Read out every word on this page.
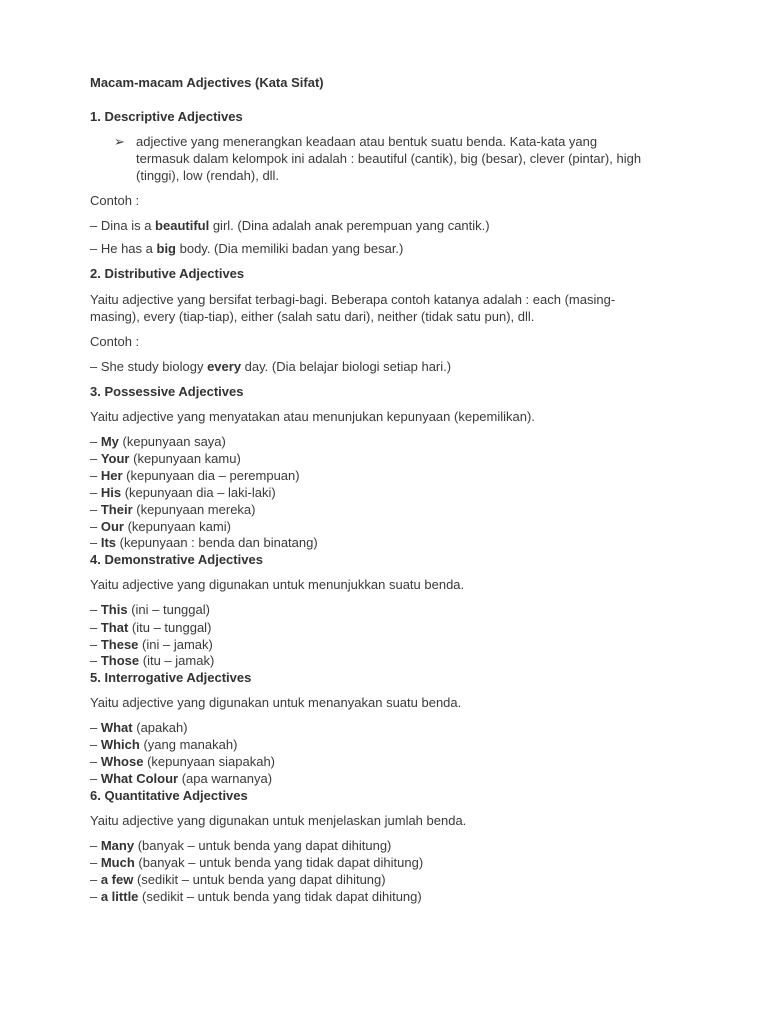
Macam-macam Adjectives (Kata Sifat)

1. Descriptive Adjectives

➢ adjective yang menerangkan keadaan atau bentuk suatu benda. Kata-kata yang

termasuk dalam kelompok ini adalah : beautiful (cantik), big (besar), clever (pintar), high

(tinggi), low (rendah), dll.

Contoh :

– Dina is a beautiful girl. (Dina adalah anak perempuan yang cantik.)

– He has a big body. (Dia memiliki badan yang besar.)

2. Distributive Adjectives

Yaitu adjective yang bersifat terbagi-bagi. Beberapa contoh katanya adalah : each (masing-

masing), every (tiap-tiap), either (salah satu dari), neither (tidak satu pun), dll.

Contoh :

– She study biology every day. (Dia belajar biologi setiap hari.)

3. Possessive Adjectives

Yaitu adjective yang menyatakan atau menunjukan kepunyaan (kepemilikan).

– My (kepunyaan saya)

– Your (kepunyaan kamu)

– Her (kepunyaan dia – perempuan)

– His (kepunyaan dia – laki-laki)

– Their (kepunyaan mereka)

– Our (kepunyaan kami)

– Its (kepunyaan : benda dan binatang)

4. Demonstrative Adjectives

Yaitu adjective yang digunakan untuk menunjukkan suatu benda.

– This (ini – tunggal)

– That (itu – tunggal)

– These (ini – jamak)

– Those (itu – jamak)

5. Interrogative Adjectives

Yaitu adjective yang digunakan untuk menanyakan suatu benda.

– What (apakah)

– Which (yang manakah)

– Whose (kepunyaan siapakah)

– What Colour (apa warnanya)

6. Quantitative Adjectives

Yaitu adjective yang digunakan untuk menjelaskan jumlah benda.

– Many (banyak – untuk benda yang dapat dihitung)

– Much (banyak – untuk benda yang tidak dapat dihitung)

– a few (sedikit – untuk benda yang dapat dihitung)

– a little (sedikit – untuk benda yang tidak dapat dihitung)
